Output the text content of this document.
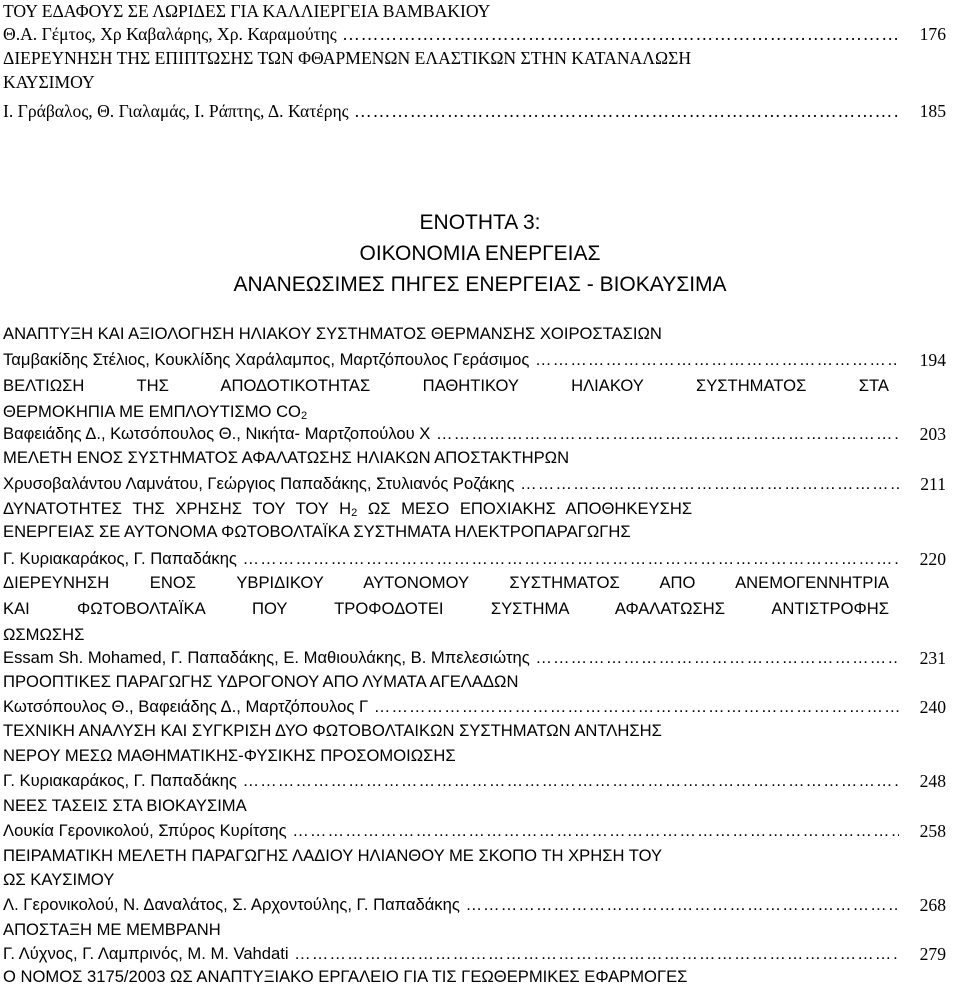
ΤΟΥ ΕΔΑΦΟΥΣ ΣΕ ΛΩΡΙΔΕΣ ΓΙΑ ΚΑΛΛΙΕΡΓΕΙΑ ΒΑΜΒΑΚΙΟΥ
Θ.Α. Γέμτος, Χρ Καβαλάρης, Χρ. Καραμούτης ……………………………………………………………………………………………………………………………………………………………………………………	176
ΔΙΕΡΕΥΝΗΣΗ ΤΗΣ ΕΠΙΠΤΩΣΗΣ ΤΩΝ ΦΘΑΡΜΕΝΩΝ ΕΛΑΣΤΙΚΩΝ ΣΤΗΝ ΚΑΤΑΝΑΛΩΣΗ
ΚΑΥΣΙΜΟΥ
Ι. Γράβαλος, Θ. Γιαλαμάς, Ι. Ράπτης, Δ. Κατέρης ……………………………………………………………………………………………………………………………………………………………………………………	185
ΕΝΟΤΗΤΑ 3:
ΟΙΚΟΝΟΜΙΑ ΕΝΕΡΓΕΙΑΣ
ΑΝΑΝΕΩΣΙΜΕΣ ΠΗΓΕΣ ΕΝΕΡΓΕΙΑΣ - ΒΙΟΚΑΥΣΙΜΑ
ΑΝΑΠΤΥΞΗ ΚΑΙ ΑΞΙΟΛΟΓΗΣΗ ΗΛΙΑΚΟΥ ΣΥΣΤΗΜΑΤΟΣ ΘΕΡΜΑΝΣΗΣ ΧΟΙΡΟΣΤΑΣΙΩΝ
Ταμβακίδης Στέλιος, Κουκλίδης Χαράλαμπος, Μαρτζόπουλος Γεράσιμος ……………………………………………………………………………………………………………………………………………………………………………………	194
ΒΕΛΤΙΩΣΗ ΤΗΣ ΑΠΟΔΟΤΙΚΟΤΗΤΑΣ ΠΑΘΗΤΙΚΟΥ ΗΛΙΑΚΟΥ ΣΥΣΤΗΜΑΤΟΣ ΣΤΑ
ΘΕΡΜΟΚΗΠΙΑ ΜΕ ΕΜΠΛΟΥΤΙΣΜΟ $CO_2$
Βαφειάδης Δ., Κωτσόπουλος Θ., Νικήτα- Μαρτζοπούλου Χ ……………………………………………………………………………………………………………………………………………………………………………………	203
ΜΕΛΕΤΗ ΕΝΟΣ ΣΥΣΤΗΜΑΤΟΣ ΑΦΑΛΑΤΩΣΗΣ ΗΛΙΑΚΩΝ ΑΠΟΣΤΑΚΤΗΡΩΝ
Χρυσοβαλάντου Λαμνάτου, Γεώργιος Παπαδάκης, Στυλιανός Ροζάκης ……………………………………………………………………………………………………………………………………………………………………………………	211
ΔΥΝΑΤΟΤΗΤΕΣ ΤΗΣ ΧΡΗΣΗΣ ΤΟΥ ΤΟΥ $H_2$ ΩΣ ΜΕΣΟ ΕΠΟΧΙΑΚΗΣ ΑΠΟΘΗΚΕΥΣΗΣ
ΕΝΕΡΓΕΙΑΣ ΣΕ ΑΥΤΟΝΟΜΑ ΦΩΤΟΒΟΛΤΑΪΚΑ ΣΥΣΤΗΜΑΤΑ ΗΛΕΚΤΡΟΠΑΡΑΓΩΓΗΣ
Γ. Κυριακαράκος, Γ. Παπαδάκης ……………………………………………………………………………………………………………………………………………………………………………………	220
ΔΙΕΡΕΥΝΗΣΗ ΕΝΟΣ ΥΒΡΙΔΙΚΟΥ ΑΥΤΟΝΟΜΟΥ ΣΥΣΤΗΜΑΤΟΣ ΑΠΟ ΑΝΕΜΟΓΕΝΝΗΤΡΙΑ
ΚΑΙ ΦΩΤΟΒΟΛΤΑΪΚΑ ΠΟΥ ΤΡΟΦΟΔΟΤΕΙ ΣΥΣΤΗΜΑ ΑΦΑΛΑΤΩΣΗΣ ΑΝΤΙΣΤΡΟΦΗΣ
ΩΣΜΩΣΗΣ
Essam Sh. Mohamed, Γ. Παπαδάκης, Ε. Μαθιουλάκης, Β. Μπελεσιώτης ……………………………………………………………………………………………………………………………………………………………………………………	231
ΠΡΟΟΠΤΙΚΕΣ ΠΑΡΑΓΩΓΗΣ ΥΔΡΟΓΟΝΟΥ ΑΠΟ ΛΥΜΑΤΑ ΑΓΕΛΑΔΩΝ
Κωτσόπουλος Θ., Βαφειάδης Δ., Μαρτζόπουλος Γ ……………………………………………………………………………………………………………………………………………………………………………………	240
ΤΕΧΝΙΚΗ ΑΝΑΛΥΣΗ ΚΑΙ ΣΥΓΚΡΙΣΗ ΔΥΟ ΦΩΤΟΒΟΛΤΑΙΚΩΝ ΣΥΣΤΗΜΑΤΩΝ ΑΝΤΛΗΣΗΣ
ΝΕΡΟΥ ΜΕΣΩ ΜΑΘΗΜΑΤΙΚΗΣ-ΦΥΣΙΚΗΣ ΠΡΟΣΟΜΟΙΩΣΗΣ
Γ. Κυριακαράκος, Γ. Παπαδάκης ……………………………………………………………………………………………………………………………………………………………………………………	248
ΝΕΕΣ ΤΑΣΕΙΣ ΣΤΑ ΒΙΟΚΑΥΣΙΜΑ
Λουκία Γερονικολού, Σπύρος Κυρίτσης ……………………………………………………………………………………………………………………………………………………………………………………	258
ΠΕΙΡΑΜΑΤΙΚΗ ΜΕΛΕΤΗ ΠΑΡΑΓΩΓΗΣ ΛΑΔΙΟΥ ΗΛΙΑΝΘΟΥ ΜΕ ΣΚΟΠΟ ΤΗ ΧΡΗΣΗ ΤΟΥ
ΩΣ ΚΑΥΣΙΜΟΥ
Λ. Γερονικολού, Ν. Δαναλάτος, Σ. Αρχοντούλης, Γ. Παπαδάκης ……………………………………………………………………………………………………………………………………………………………………………………	268
ΑΠΟΣΤΑΞΗ ΜΕ ΜΕΜΒΡΑΝΗ
Γ. Λύχνος, Γ. Λαμπρινός, Μ. Μ. Vahdati ……………………………………………………………………………………………………………………………………………………………………………………	279
Ο ΝΟΜΟΣ 3175/2003 ΩΣ ΑΝΑΠΤΥΞΙΑΚΟ ΕΡΓΑΛΕΙΟ ΓΙΑ ΤΙΣ ΓΕΩΘΕΡΜΙΚΕΣ ΕΦΑΡΜΟΓΕΣ
